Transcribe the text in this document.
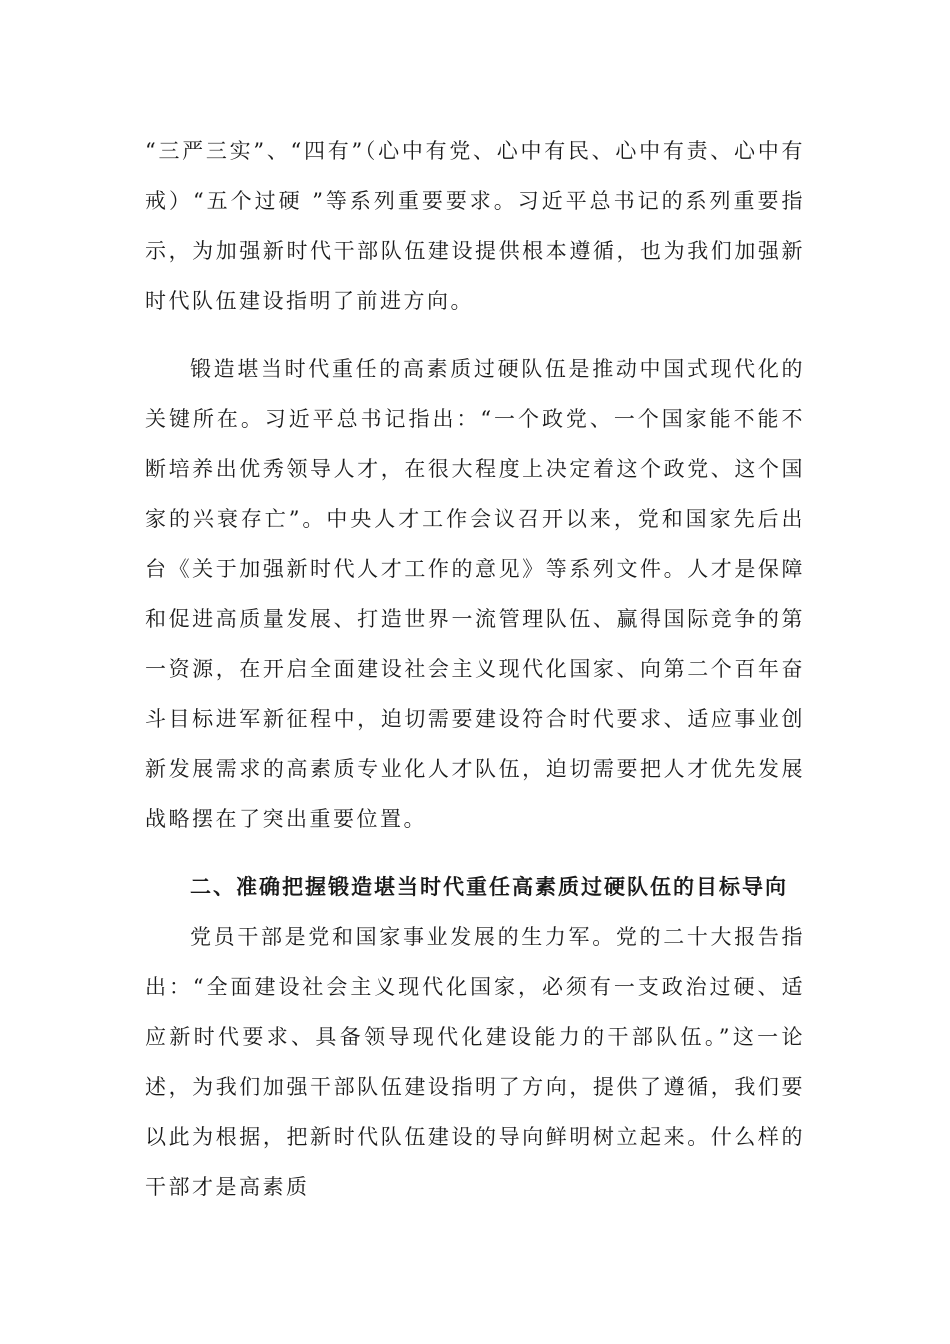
“三严三实”、“四有”（心中有党、心中有民、心中有责、心中有戒）“五个过硬 ”等系列重要要求。习近平总书记的系列重要指示，为加强新时代干部队伍建设提供根本遵循，也为我们加强新时代队伍建设指明了前进方向。

锻造堪当时代重任的高素质过硬队伍是推动中国式现代化的关键所在。习近平总书记指出：“一个政党、一个国家能不能不断培养出优秀领导人才，在很大程度上决定着这个政党、这个国家的兴衰存亡”。中央人才工作会议召开以来，党和国家先后出台《关于加强新时代人才工作的意见》等系列文件。人才是保障和促进高质量发展、打造世界一流管理队伍、赢得国际竞争的第一资源，在开启全面建设社会主义现代化国家、向第二个百年奋斗目标进军新征程中，迫切需要建设符合时代要求、适应事业创新发展需求的高素质专业化人才队伍，迫切需要把人才优先发展战略摆在了突出重要位置。

二、准确把握锻造堪当时代重任高素质过硬队伍的目标导向

党员干部是党和国家事业发展的生力军。党的二十大报告指出：“全面建设社会主义现代化国家，必须有一支政治过硬、适应新时代要求、具备领导现代化建设能力的干部队伍。”这一论述，为我们加强干部队伍建设指明了方向，提供了遵循，我们要以此为根据，把新时代队伍建设的导向鲜明树立起来。什么样的干部才是高素质
